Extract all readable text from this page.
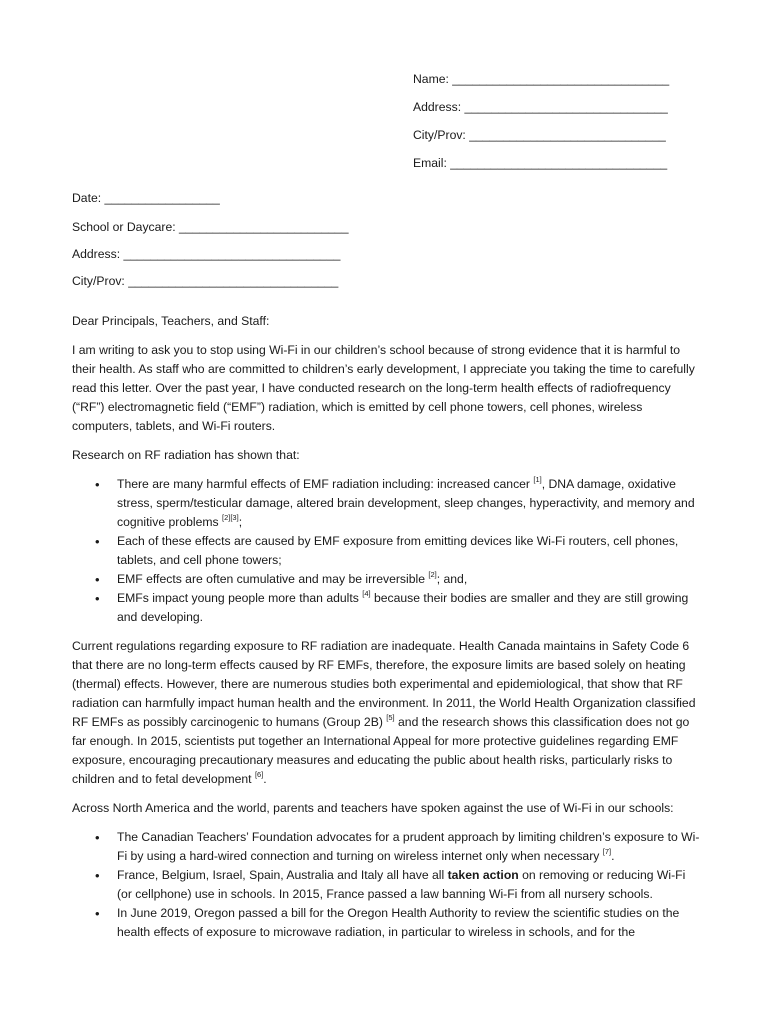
Name: ________________________________
Address: ______________________________
City/Prov: _____________________________
Email: ________________________________
Date: _________________
School or Daycare: _________________________
Address: ________________________________
City/Prov: _______________________________

Dear Principals, Teachers, and Staff:

I am writing to ask you to stop using Wi-Fi in our children’s school because of strong evidence that it is harmful to their health. As staff who are committed to children’s early development, I appreciate you taking the time to carefully read this letter. Over the past year, I have conducted research on the long-term health effects of radiofrequency (“RF”) electromagnetic field (“EMF”) radiation, which is emitted by cell phone towers, cell phones, wireless computers, tablets, and Wi-Fi routers.

Research on RF radiation has shown that:

• There are many harmful effects of EMF radiation including: increased cancer [1], DNA damage, oxidative stress, sperm/testicular damage, altered brain development, sleep changes, hyperactivity, and memory and cognitive problems [2][3];
• Each of these effects are caused by EMF exposure from emitting devices like Wi-Fi routers, cell phones, tablets, and cell phone towers;
• EMF effects are often cumulative and may be irreversible [2]; and,
• EMFs impact young people more than adults [4] because their bodies are smaller and they are still growing and developing.

Current regulations regarding exposure to RF radiation are inadequate. Health Canada maintains in Safety Code 6 that there are no long-term effects caused by RF EMFs, therefore, the exposure limits are based solely on heating (thermal) effects. However, there are numerous studies both experimental and epidemiological, that show that RF radiation can harmfully impact human health and the environment. In 2011, the World Health Organization classified RF EMFs as possibly carcinogenic to humans (Group 2B) [5] and the research shows this classification does not go far enough. In 2015, scientists put together an International Appeal for more protective guidelines regarding EMF exposure, encouraging precautionary measures and educating the public about health risks, particularly risks to children and to fetal development [6].

Across North America and the world, parents and teachers have spoken against the use of Wi-Fi in our schools:

• The Canadian Teachers’ Foundation advocates for a prudent approach by limiting children’s exposure to Wi-Fi by using a hard-wired connection and turning on wireless internet only when necessary [7].
• France, Belgium, Israel, Spain, Australia and Italy all have all taken action on removing or reducing Wi-Fi (or cellphone) use in schools. In 2015, France passed a law banning Wi-Fi from all nursery schools.
• In June 2019, Oregon passed a bill for the Oregon Health Authority to review the scientific studies on the health effects of exposure to microwave radiation, in particular to wireless in schools, and for the
